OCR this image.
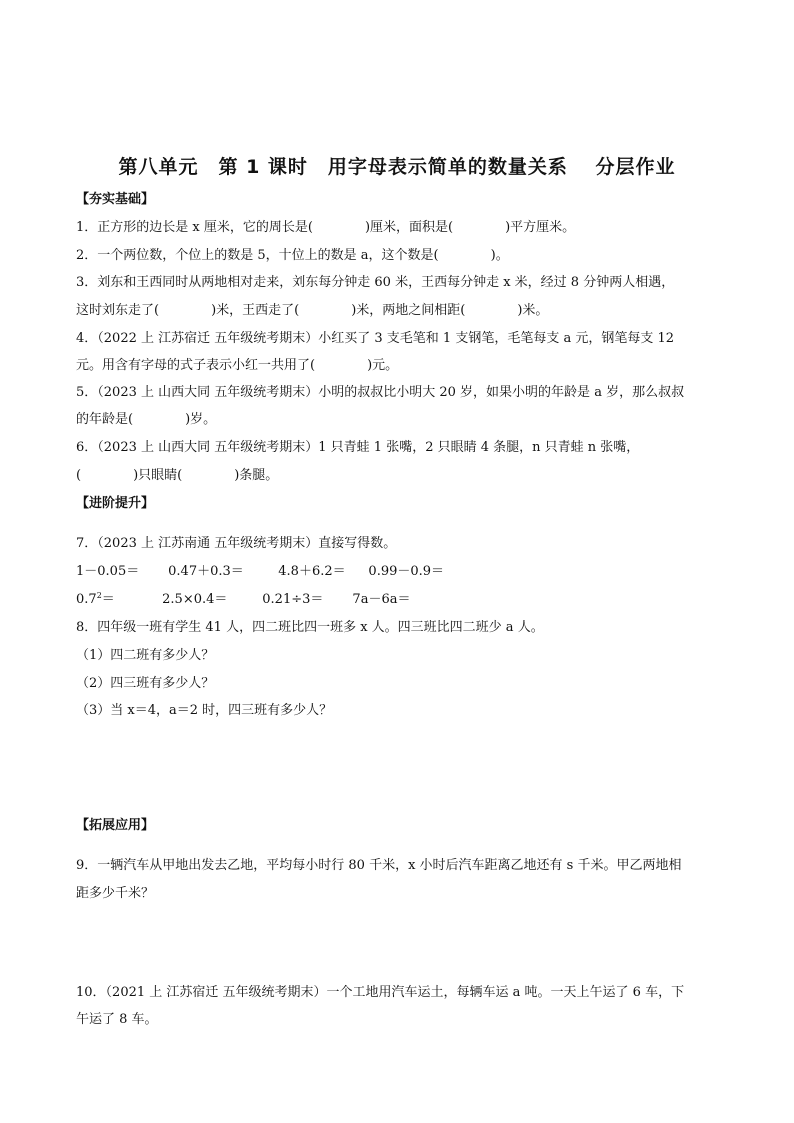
第八单元　第 1 课时　用字母表示简单的数量关系　 分层作业
【夯实基础】
1．正方形的边长是 x 厘米，它的周长是(　　　　)厘米，面积是(　　　　)平方厘米。
2．一个两位数，个位上的数是 5，十位上的数是 a，这个数是(　　　　)。
3．刘东和王西同时从两地相对走来，刘东每分钟走 60 米，王西每分钟走 x 米，经过 8 分钟两人相遇，
这时刘东走了(　　　　)米，王西走了(　　　　)米，两地之间相距(　　　　)米。
4．（2022 上 江苏宿迁 五年级统考期末）小红买了 3 支毛笔和 1 支钢笔，毛笔每支 a 元，钢笔每支 12
元。用含有字母的式子表示小红一共用了(　　　　)元。
5．（2023 上 山西大同 五年级统考期末）小明的叔叔比小明大 20 岁，如果小明的年龄是 a 岁，那么叔叔
的年龄是(　　　　)岁。
6．（2023 上 山西大同 五年级统考期末）1 只青蛙 1 张嘴，2 只眼睛 4 条腿，n 只青蛙 n 张嘴，
(　　　　)只眼睛(　　　　)条腿。
【进阶提升】
7．（2023 上 江苏南通 五年级统考期末）直接写得数。
1－0.05＝ 0.47＋0.3＝	4.8＋6.2＝ 0.99－0.9＝
$0.7^2=$	2.5×0.4＝	0.21÷3＝ 7a－6a＝
8．四年级一班有学生 41 人，四二班比四一班多 x 人。四三班比四二班少 a 人。
（1）四二班有多少人？
（2）四三班有多少人？
（3）当 x＝4，a＝2 时，四三班有多少人？
【拓展应用】
9．一辆汽车从甲地出发去乙地，平均每小时行 80 千米，x 小时后汽车距离乙地还有 s 千米。甲乙两地相
距多少千米？
10．（2021 上 江苏宿迁 五年级统考期末）一个工地用汽车运土，每辆车运 a 吨。一天上午运了 6 车，下
午运了 8 车。
